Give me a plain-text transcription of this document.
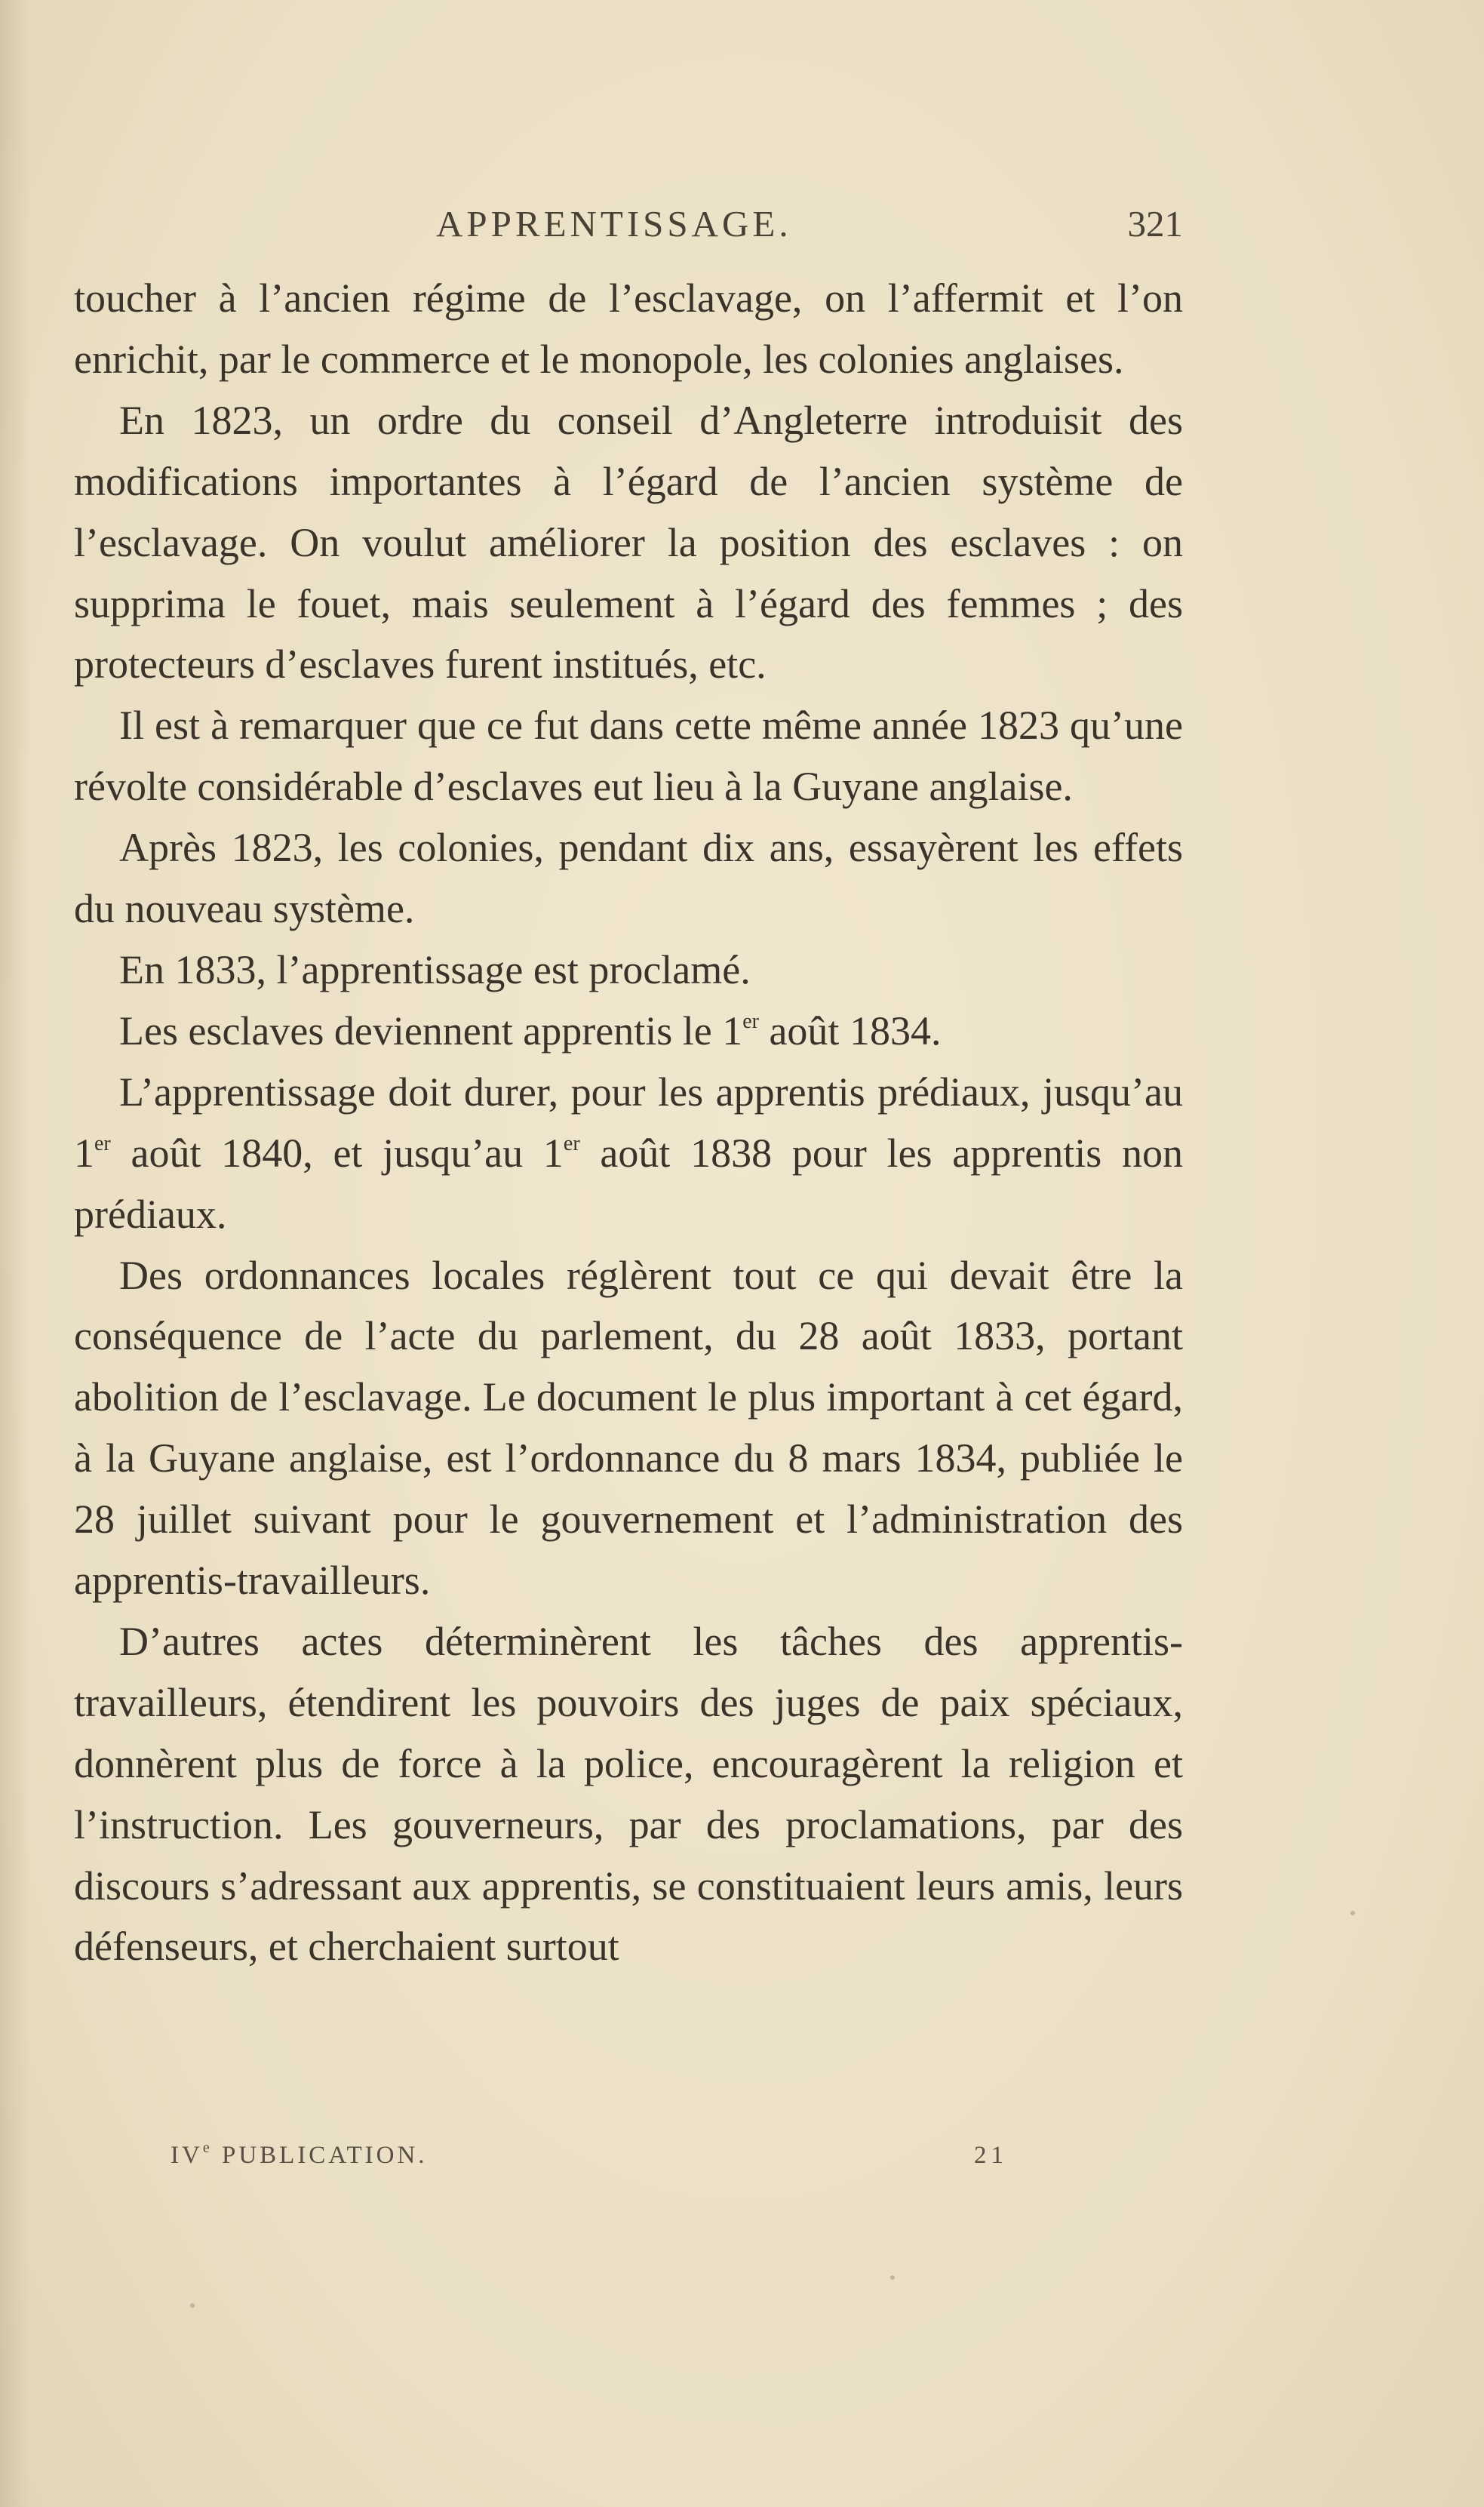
APPRENTISSAGE.	321

toucher à l’ancien régime de l’esclavage, on l’affermit et l’on enrichit, par le commerce et le monopole, les colonies anglaises.

En 1823, un ordre du conseil d’Angleterre introduisit des modifications importantes à l’égard de l’ancien système de l’esclavage. On voulut améliorer la position des esclaves : on supprima le fouet, mais seulement à l’égard des femmes ; des protecteurs d’esclaves furent institués, etc.

Il est à remarquer que ce fut dans cette même année 1823 qu’une révolte considérable d’esclaves eut lieu à la Guyane anglaise.

Après 1823, les colonies, pendant dix ans, essayèrent les effets du nouveau système.

En 1833, l’apprentissage est proclamé.

Les esclaves deviennent apprentis le 1er août 1834.

L’apprentissage doit durer, pour les apprentis prédiaux, jusqu’au 1er août 1840, et jusqu’au 1er août 1838 pour les apprentis non prédiaux.

Des ordonnances locales réglèrent tout ce qui devait être la conséquence de l’acte du parlement, du 28 août 1833, portant abolition de l’esclavage. Le document le plus important à cet égard, à la Guyane anglaise, est l’ordonnance du 8 mars 1834, publiée le 28 juillet suivant pour le gouvernement et l’administration des apprentis-travailleurs.

D’autres actes déterminèrent les tâches des apprentis-travailleurs, étendirent les pouvoirs des juges de paix spéciaux, donnèrent plus de force à la police, encouragèrent la religion et l’instruction. Les gouverneurs, par des proclamations, par des discours s’adressant aux apprentis, se constituaient leurs amis, leurs défenseurs, et cherchaient surtout

IVe PUBLICATION.	21
